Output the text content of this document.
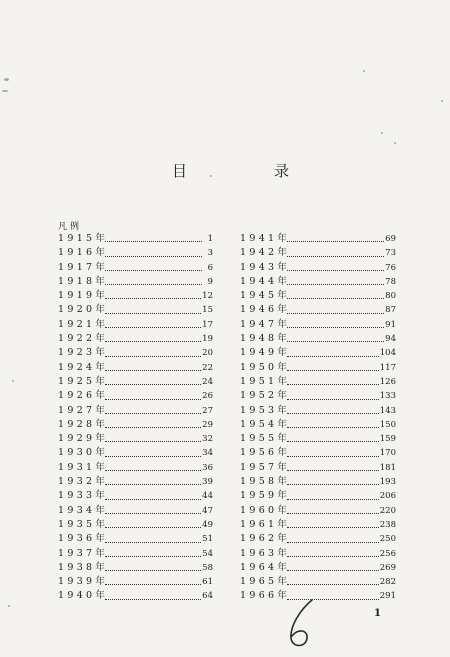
目	录
凡例
1915 年	1
1916 年	3
1917 年	6
1918 年	9
1919 年	12
1920 年	15
1921 年	17
1922 年	19
1923 年	20
1924 年	22
1925 年	24
1926 年	26
1927 年	27
1928 年	29
1929 年	32
1930 年	34
1931 年	36
1932 年	39
1933 年	44
1934 年	47
1935 年	49
1936 年	51
1937 年	54
1938 年	58
1939 年	61
1940 年	64
1941 年	69
1942 年	73
1943 年	76
1944 年	78
1945 年	80
1946 年	87
1947 年	91
1948 年	94
1949 年	104
1950 年	117
1951 年	126
1952 年	133
1953 年	143
1954 年	150
1955 年	159
1956 年	170
1957 年	181
1958 年	193
1959 年	206
1960 年	220
1961 年	238
1962 年	250
1963 年	256
1964 年	269
1965 年	282
1966 年	291
1
